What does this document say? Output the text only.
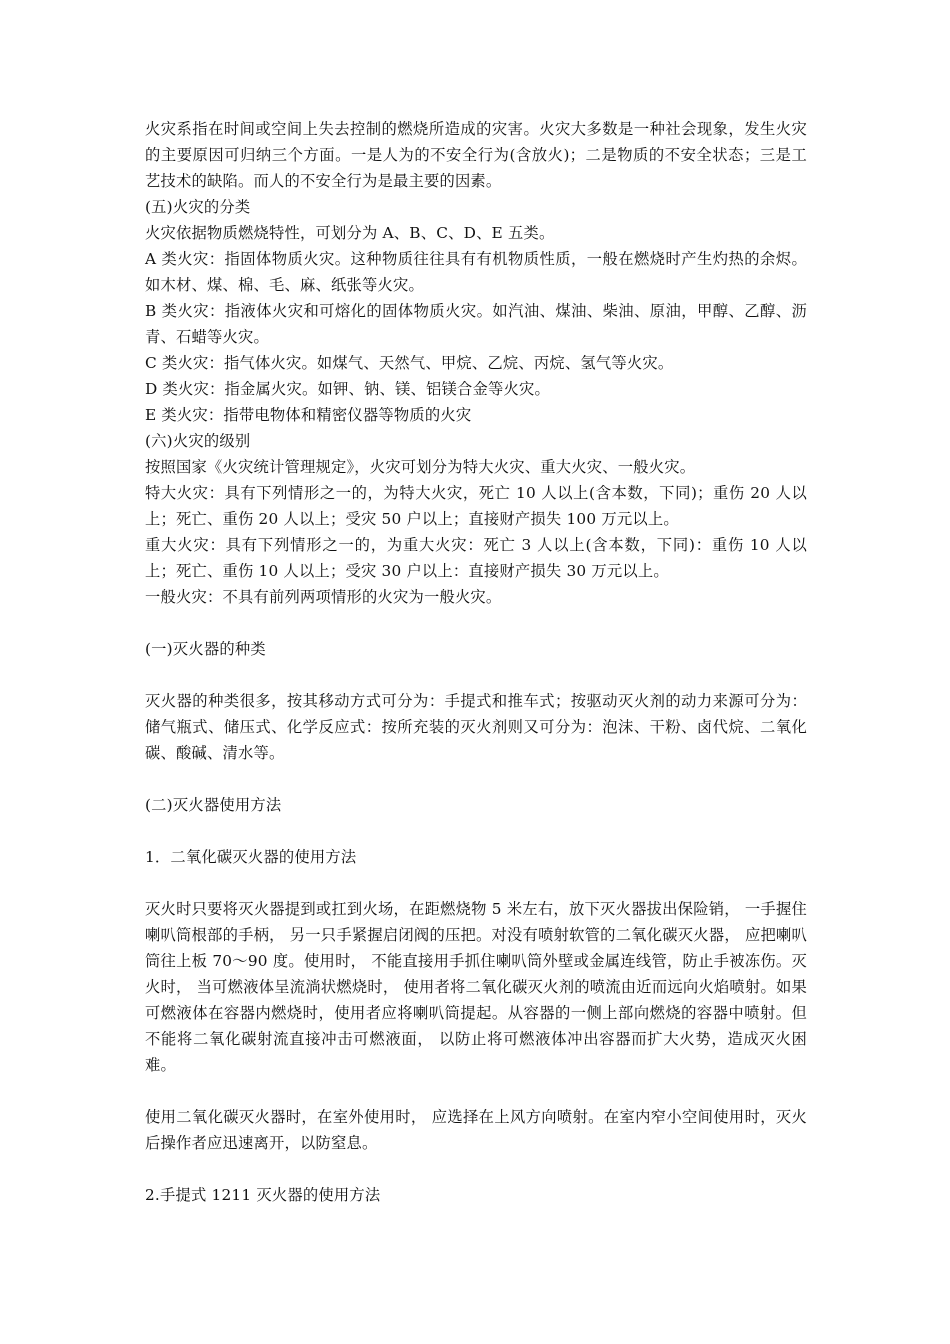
火灾系指在时间或空间上失去控制的燃烧所造成的灾害。火灾大多数是一种社会现象，发生火灾的主要原因可归纳三个方面。一是人为的不安全行为(含放火)；二是物质的不安全状态；三是工艺技术的缺陷。而人的不安全行为是最主要的因素。

(五)火灾的分类

火灾依据物质燃烧特性，可划分为 A、B、C、D、E 五类。

A 类火灾：指固体物质火灾。这种物质往往具有有机物质性质，一般在燃烧时产生灼热的余烬。如木材、煤、棉、毛、麻、纸张等火灾。

B 类火灾：指液体火灾和可熔化的固体物质火灾。如汽油、煤油、柴油、原油，甲醇、乙醇、沥青、石蜡等火灾。

C 类火灾：指气体火灾。如煤气、天然气、甲烷、乙烷、丙烷、氢气等火灾。

D 类火灾：指金属火灾。如钾、钠、镁、铝镁合金等火灾。

E 类火灾：指带电物体和精密仪器等物质的火灾

(六)火灾的级别

按照国家《火灾统计管理规定》，火灾可划分为特大火灾、重大火灾、一般火灾。

特大火灾：具有下列情形之一的，为特大火灾，死亡 10 人以上(含本数，下同)；重伤 20 人以上；死亡、重伤 20 人以上；受灾 50 户以上；直接财产损失 100 万元以上。

重大火灾：具有下列情形之一的，为重大火灾：死亡 3 人以上(含本数，下同)：重伤 10 人以上；死亡、重伤 10 人以上；受灾 30 户以上：直接财产损失 30 万元以上。

一般火灾：不具有前列两项情形的火灾为一般火灾。

(一)灭火器的种类

灭火器的种类很多，按其移动方式可分为：手提式和推车式；按驱动灭火剂的动力来源可分为：储气瓶式、储压式、化学反应式：按所充装的灭火剂则又可分为：泡沫、干粉、卤代烷、二氧化碳、酸碱、清水等。

(二)灭火器使用方法

1．二氧化碳灭火器的使用方法

灭火时只要将灭火器提到或扛到火场，在距燃烧物 5 米左右，放下灭火器拔出保险销， 一手握住喇叭筒根部的手柄， 另一只手紧握启闭阀的压把。对没有喷射软管的二氧化碳灭火器， 应把喇叭筒往上板 70～90 度。使用时， 不能直接用手抓住喇叭筒外壁或金属连线管，防止手被冻伤。灭火时， 当可燃液体呈流淌状燃烧时， 使用者将二氧化碳灭火剂的喷流由近而远向火焰喷射。如果可燃液体在容器内燃烧时，使用者应将喇叭筒提起。从容器的一侧上部向燃烧的容器中喷射。但不能将二氧化碳射流直接冲击可燃液面， 以防止将可燃液体冲出容器而扩大火势，造成灭火困难。

使用二氧化碳灭火器时，在室外使用时， 应选择在上风方向喷射。在室内窄小空间使用时，灭火后操作者应迅速离开，以防窒息。

2.手提式 1211 灭火器的使用方法
